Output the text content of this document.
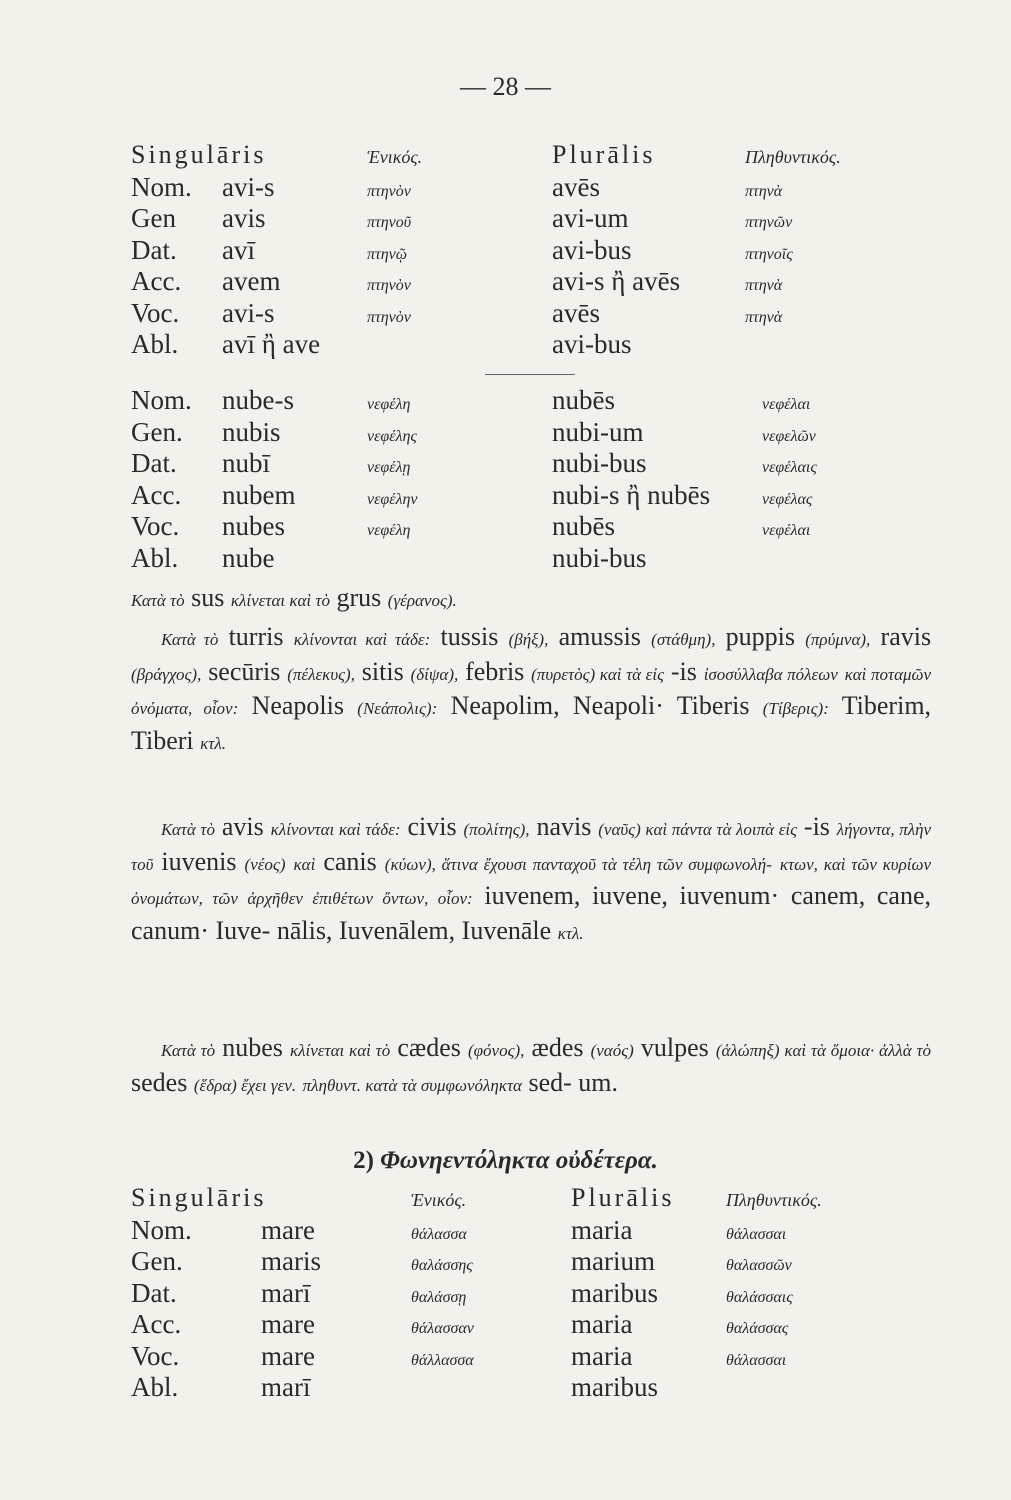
— 28 —
Singulāris		Ἑνικός.	Plurālis	Πληθυντικός.
Nom.	avi-s	πτηνὸν	avēs	πτηνὰ
Gen	avis	πτηνοῦ	avi-um	πτηνῶν
Dat.	avī	πτηνῷ	avi-bus	πτηνοῖς
Acc.	avem	πτηνὸν	avi-s ἢ avēs	πτηνὰ
Voc.	avi-s	πτηνὸν	avēs	πτηνὰ
Abl.	avī ἢ ave		avi-bus	
Nom.	nube-s	νεφέλη	nubēs	νεφέλαι
Gen.	nubis	νεφέλης	nubi-um	νεφελῶν
Dat.	nubī	νεφέλῃ	nubi-bus	νεφέλαις
Acc.	nubem	νεφέλην	nubi-s ἢ nubēs	νεφέλας
Voc.	nubes	νεφέλη	nubēs	νεφέλαι
Abl.	nube		nubi-bus	
Κατὰ τὸ sus κλίνεται καὶ τὸ grus (γέρανος).
Κατὰ τὸ turris κλίνονται καὶ τάδε: tussis (βήξ), amussis (στάθμη), puppis (πρύμνα), ravis (βράγχος), secūris (πέλεκυς), sitis (δίψα), febris (πυρετὸς) καὶ τὰ εἰς -is ἰσοσύλλαβα πόλεων καὶ ποταμῶν ὀνόματα, οἷον: Neapolis (Νεάπολις): Neapolim, Neapoli· Tiberis (Τίβερις): Tiberim, Tiberi κτλ.
Κατὰ τὸ avis κλίνονται καὶ τάδε: civis (πολίτης), navis (ναῦς) καὶ πάντα τὰ λοιπὰ εἰς -is λήγοντα, πλὴν τοῦ iuvenis (νέος) καὶ canis (κύων), ἅτινα ἔχουσι πανταχοῦ τὰ τέλη τῶν συμφωνολή- κτων, καὶ τῶν κυρίων ὀνομάτων, τῶν ἀρχῆθεν ἐπιθέτων ὄντων, οἷον: iuvenem, iuvene, iuvenum· canem, cane, canum· Iuve- nālis, Iuvenālem, Iuvenāle κτλ.
Κατὰ τὸ nubes κλίνεται καὶ τὸ cædes (φόνος), ædes (ναός) vulpes (ἀλώπηξ) καὶ τὰ ὅμοια· ἀλλὰ τὸ sedes (ἕδρα) ἔχει γεν. πληθυντ. κατὰ τὰ συμφωνόληκτα sed- um.
2) Φωνηεντόληκτα οὐδέτερα.
Singulāris		Ἑνικός.	Plurālis	Πληθυντικός.
Nom.	mare	θάλασσα	maria	θάλασσαι
Gen.	maris	θαλάσσης	marium	θαλασσῶν
Dat.	marī	θαλάσσῃ	maribus	θαλάσσαις
Acc.	mare	θάλασσαν	maria	θαλάσσας
Voc.	mare	θάλλασσα	maria	θάλασσαι
Abl.	marī		maribus	
